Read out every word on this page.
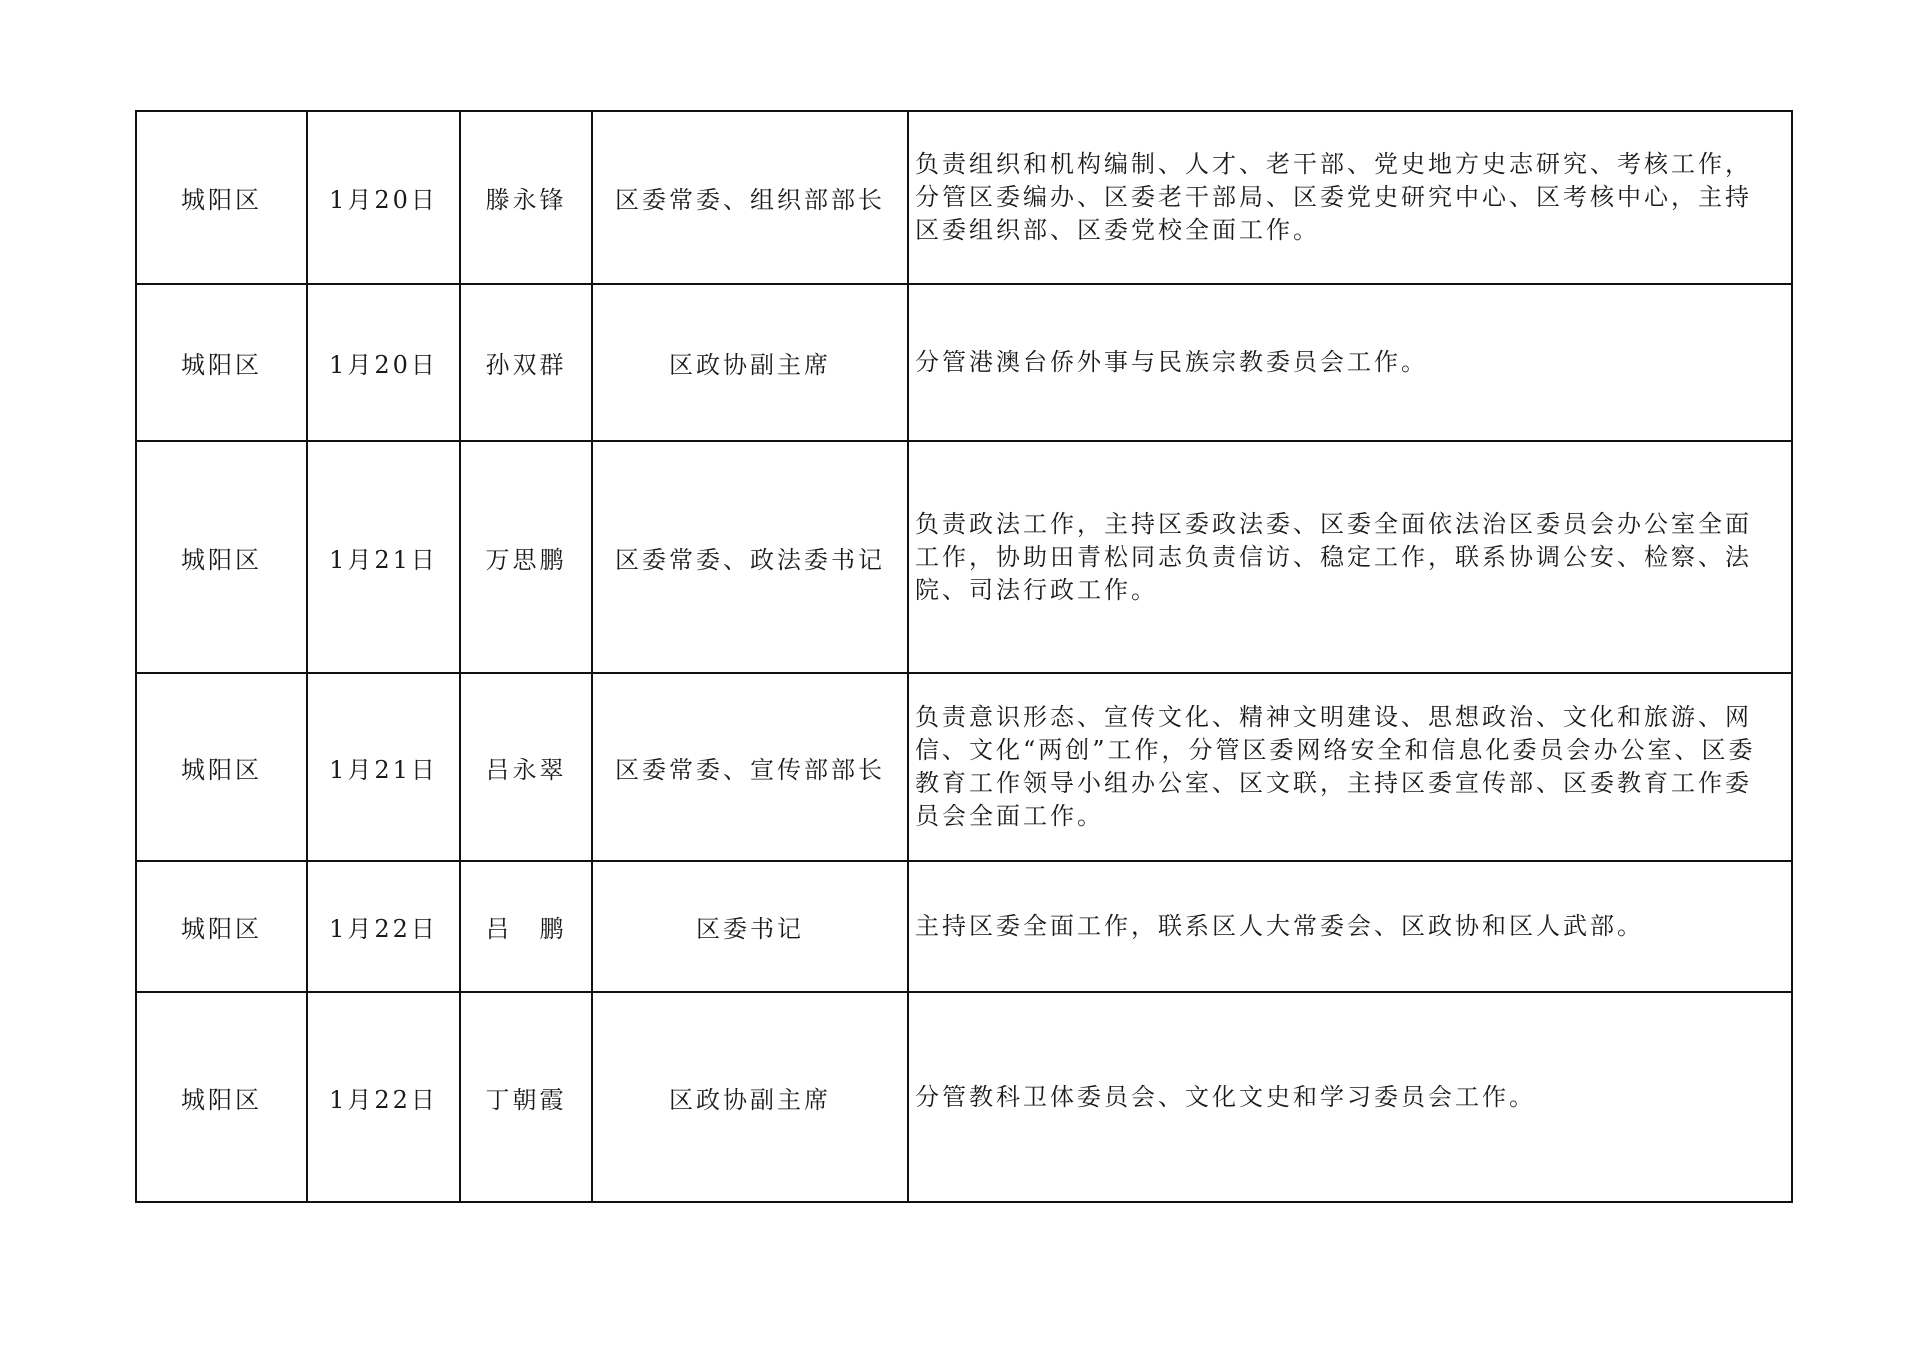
城阳区	1月20日	滕永锋	区委常委、组织部部长	负责组织和机构编制、人才、老干部、党史地方史志研究、考核工作，分管区委编办、区委老干部局、区委党史研究中心、区考核中心，主持区委组织部、区委党校全面工作。
城阳区	1月20日	孙双群	区政协副主席	分管港澳台侨外事与民族宗教委员会工作。
城阳区	1月21日	万思鹏	区委常委、政法委书记	负责政法工作，主持区委政法委、区委全面依法治区委员会办公室全面工作，协助田青松同志负责信访、稳定工作，联系协调公安、检察、法院、司法行政工作。
城阳区	1月21日	吕永翠	区委常委、宣传部部长	负责意识形态、宣传文化、精神文明建设、思想政治、文化和旅游、网信、文化“两创”工作，分管区委网络安全和信息化委员会办公室、区委教育工作领导小组办公室、区文联，主持区委宣传部、区委教育工作委员会全面工作。
城阳区	1月22日	吕　鹏	区委书记	主持区委全面工作，联系区人大常委会、区政协和区人武部。
城阳区	1月22日	丁朝霞	区政协副主席	分管教科卫体委员会、文化文史和学习委员会工作。
